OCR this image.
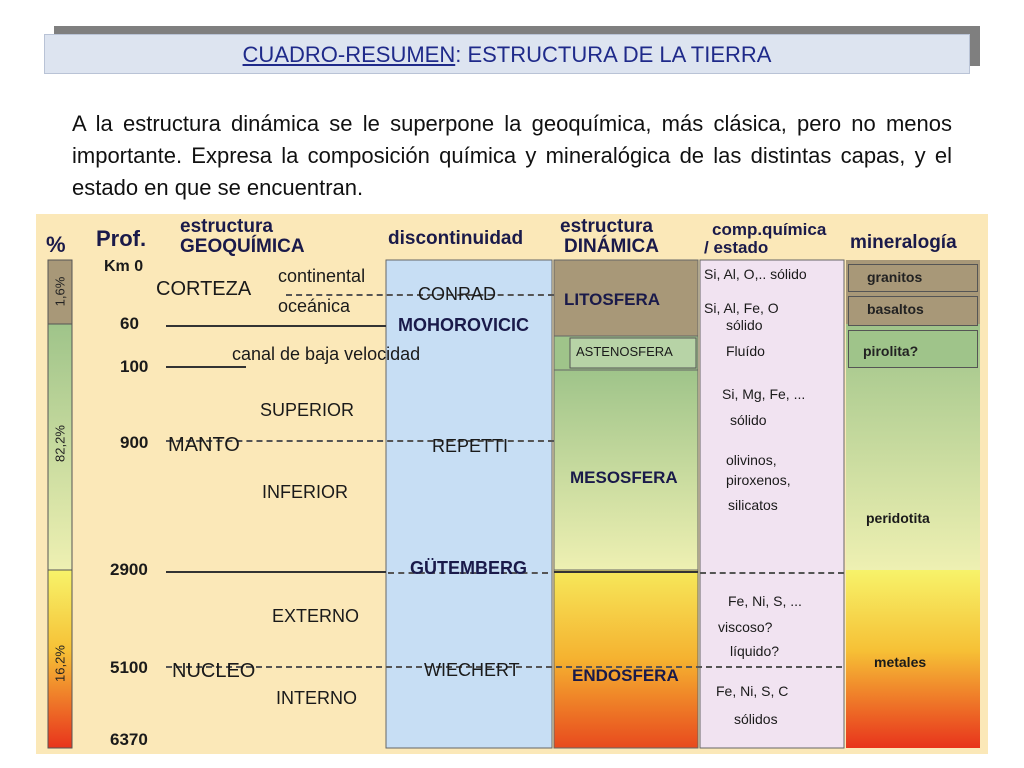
CUADRO-RESUMEN: ESTRUCTURA DE LA TIERRA
A la estructura dinámica se le superpone la geoquímica, más clásica, pero no menos importante. Expresa la composición química y mineralógica de las distintas capas, y el estado en que se encuentran.
% Prof. estructura
GEOQUÍMICA	discontinuidad
estructura
DINÁMICA
comp.química
/ estado	mineralogía
1,6%
82,2%
16,2%
Km 0
60
100
900
2900
5100
6370
CORTEZA
continental
oceánica
canal de baja velocidad
SUPERIOR
MANTO
INFERIOR
EXTERNO
NUCLEO
INTERNO
CONRAD
MOHOROVICIC
REPETTI
GÜTEMBERG
WIECHERT
LITOSFERA
ASTENOSFERA
MESOSFERA
ENDOSFERA
Si, Al, O,.. sólido
Si, Al, Fe, O
sólido
Fluído
Si, Mg, Fe, ...
sólido
olivinos,
piroxenos,
silicatos
Fe, Ni, S, ...
viscoso?
líquido?
Fe, Ni, S, C
sólidos
granitos
basaltos
pirolita?
peridotita
metales
